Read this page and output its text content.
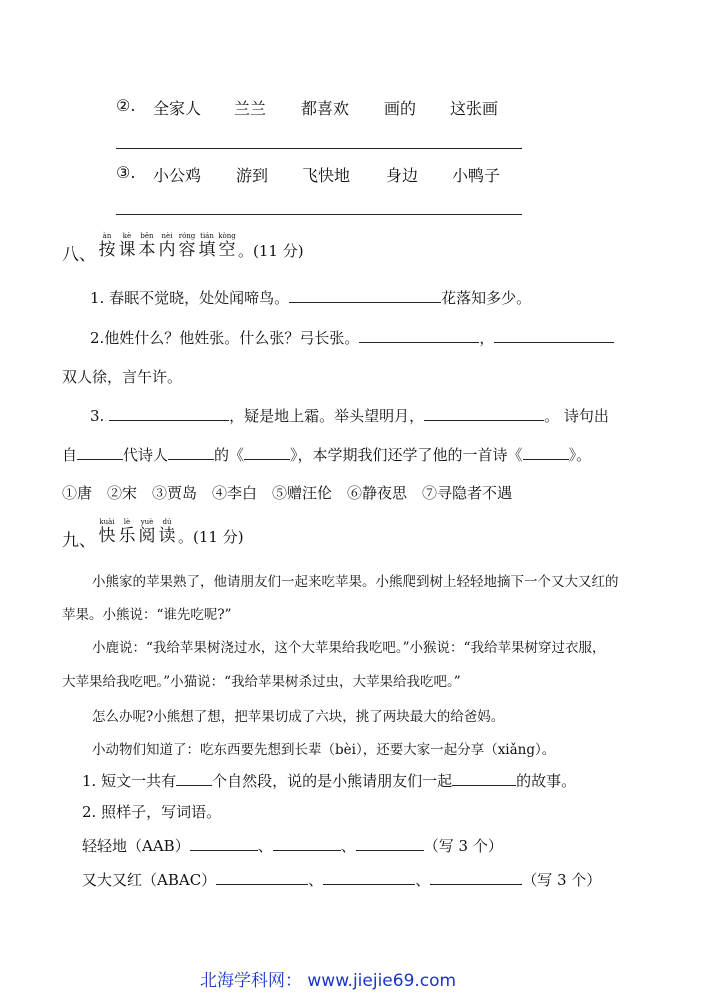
②. 全家人 兰兰 都喜欢 画的 这张画
③. 小公鸡 游到 飞快地 身边 小鸭子
八、
àn
按
kè
课
běn
本
nèi
内
róng
容
tián
填
kòng
空 。(11 分)
1. 春眠不觉晓，处处闻啼鸟。	花落知多少。
2.他姓什么？他姓张。什么张？弓长张。	，
双人徐，言午许。
3.	，疑是地上霜。举头望明月，	。 诗句出
自	代诗人	的《	》，本学期我们还学了他的一首诗《	》。
①唐　②宋　③贾岛　④李白　⑤赠汪伦　⑥静夜思　⑦寻隐者不遇
九、
kuài
快
lè
乐
yuè
阅
dú
读 。(11 分)
小熊家的苹果熟了，他请朋友们一起来吃苹果。小熊爬到树上轻轻地摘下一个又大又红的
苹果。小熊说：“谁先吃呢?”
小鹿说：“我给苹果树浇过水，这个大苹果给我吃吧。”小猴说：“我给苹果树穿过衣服，
大苹果给我吃吧。”小猫说：“我给苹果树杀过虫，大苹果给我吃吧。”
怎么办呢?小熊想了想，把苹果切成了六块，挑了两块最大的给爸妈。
小动物们知道了：吃东西要先想到长辈（bèi），还要大家一起分享（xiǎng）。
1. 短文一共有 个自然段，说的是小熊请朋友们一起	的故事。
2. 照样子，写词语。
轻轻地（AAB）	、	、	（写 3 个）
又大又红（ABAC）	、	、	（写 3 个）
北海学科网： www.jiejie69.com
